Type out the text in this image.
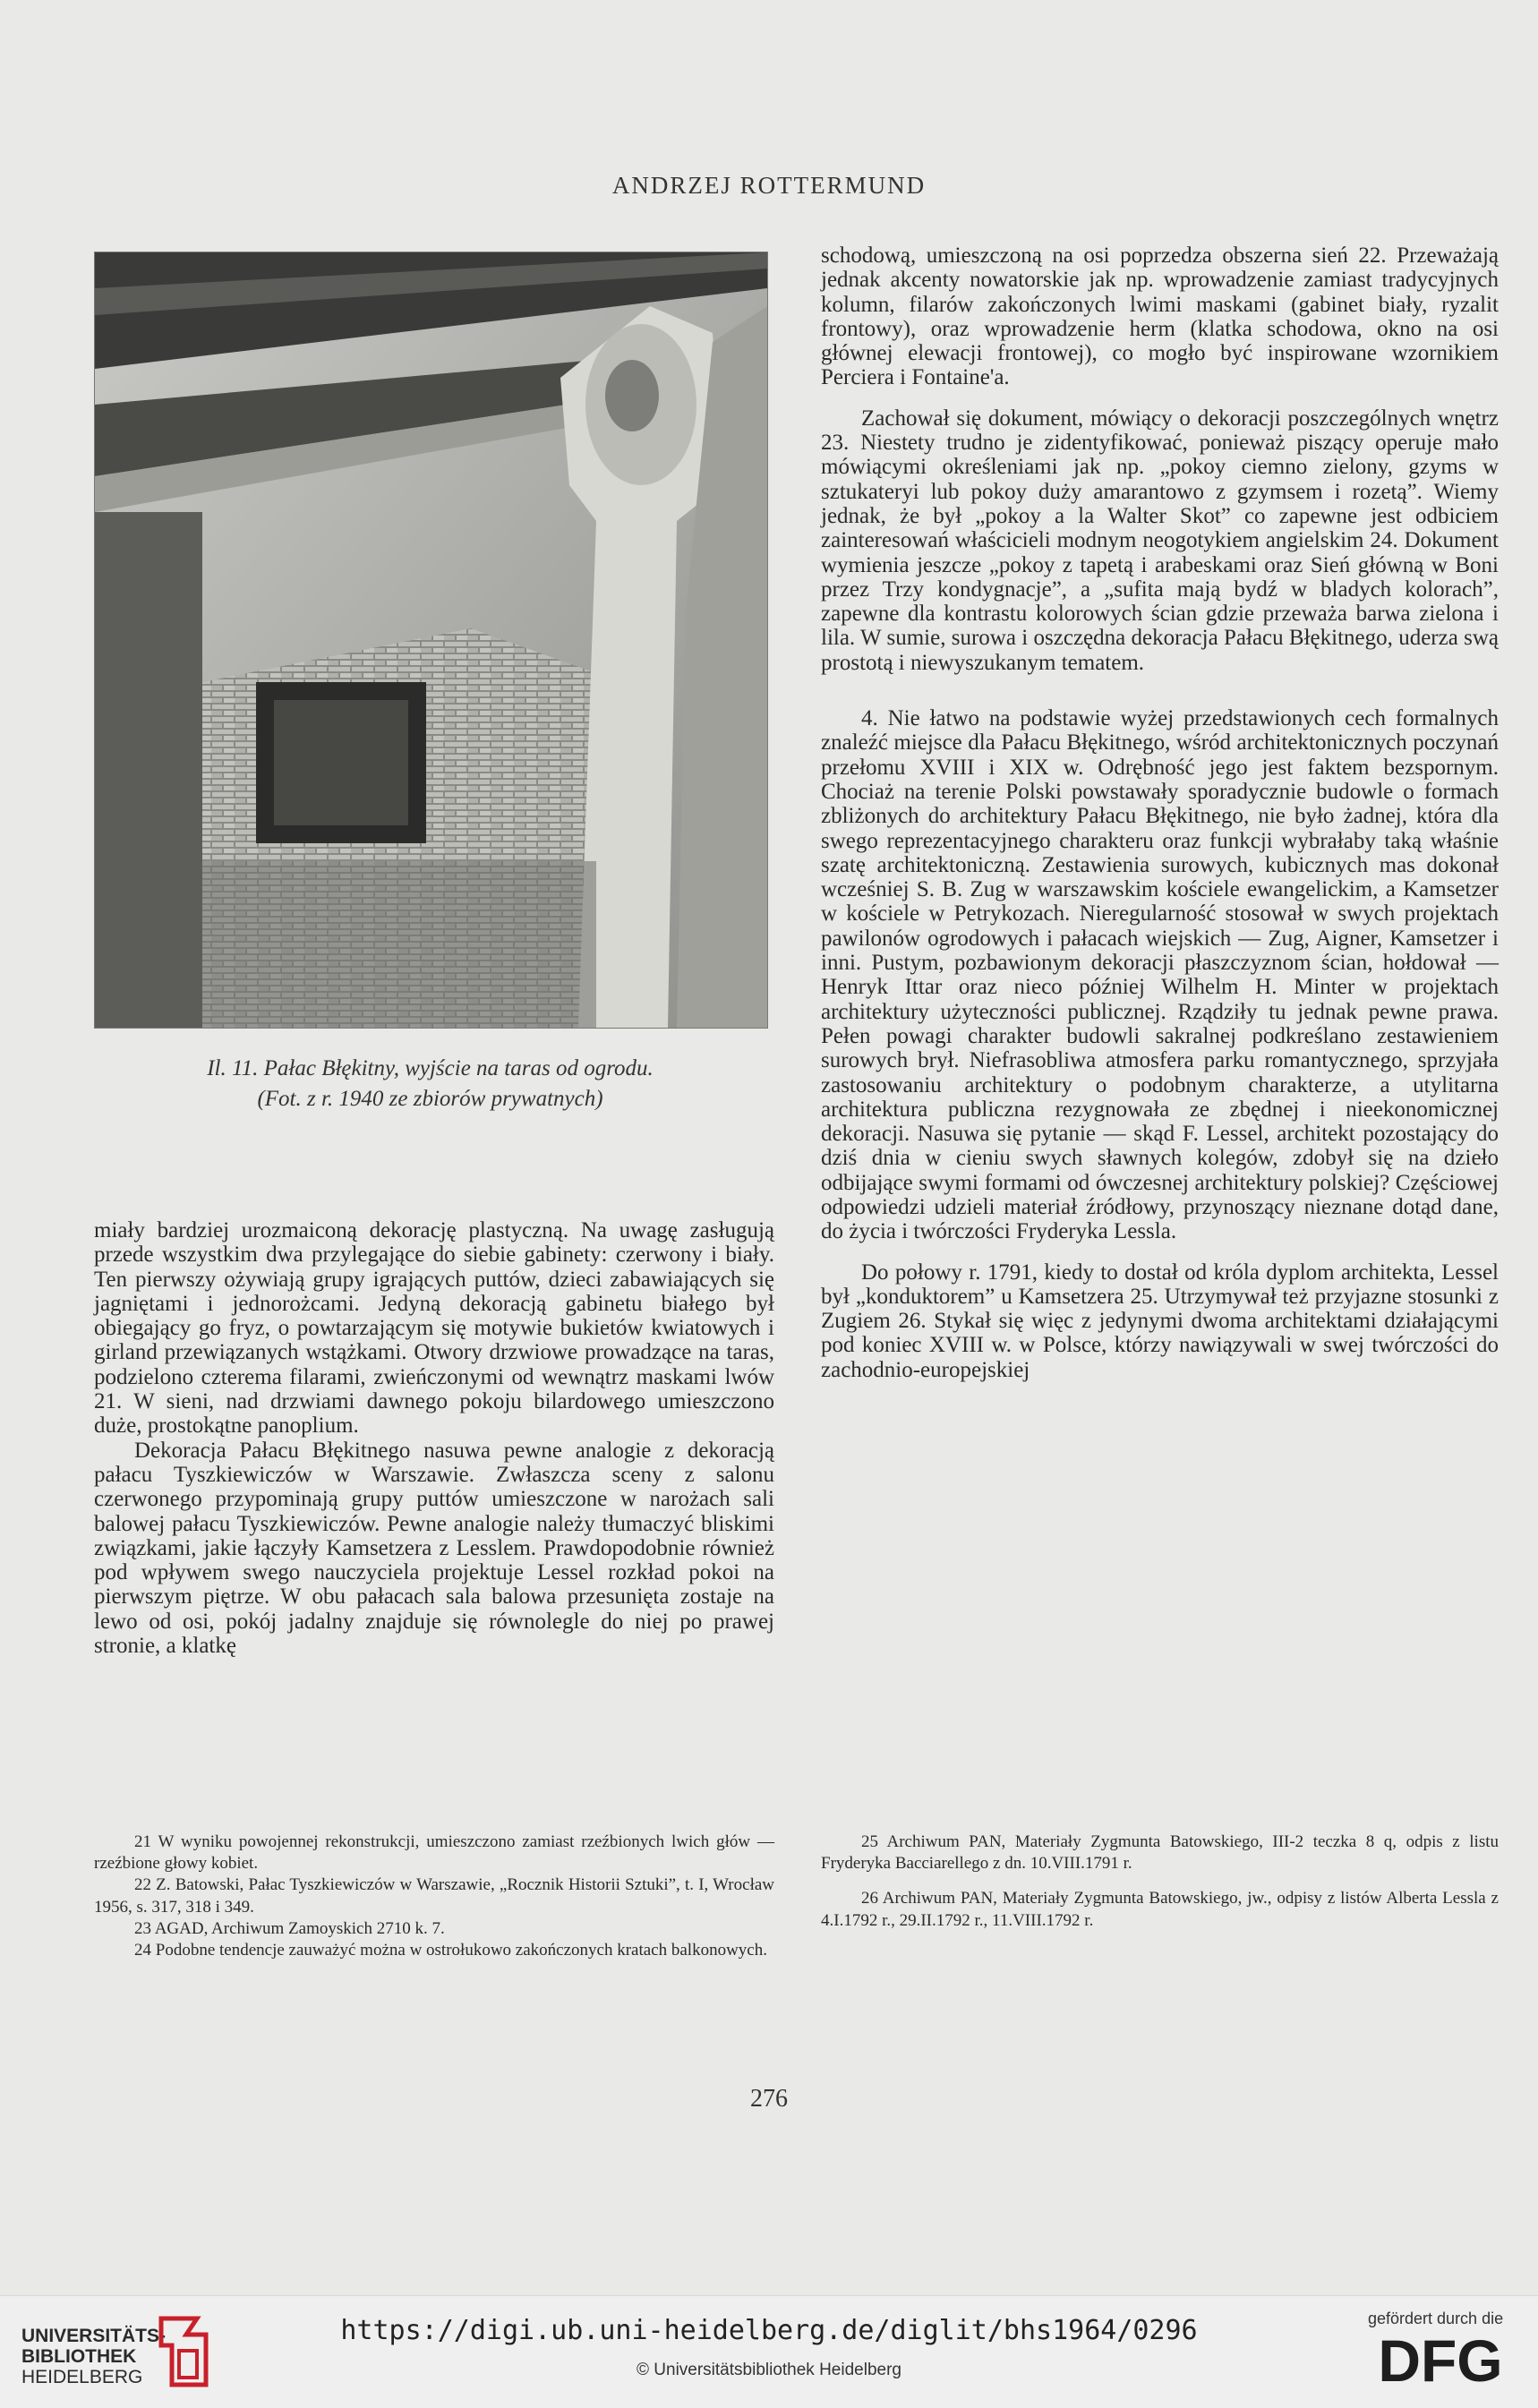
ANDRZEJ ROTTERMUND
Il. 11. Pałac Błękitny, wyjście na taras od ogrodu.
(Fot. z r. 1940 ze zbiorów prywatnych)

schodową, umieszczoną na osi poprzedza obszerna sień 22. Przeważają jednak akcenty nowatorskie jak np. wprowadzenie zamiast tradycyjnych kolumn, filarów zakończonych lwimi maskami (gabinet biały, ryzalit frontowy), oraz wprowadzenie herm (klatka schodowa, okno na osi głównej elewacji frontowej), co mogło być inspirowane wzornikiem Perciera i Fontaine'a.

Zachował się dokument, mówiący o dekoracji poszczególnych wnętrz 23. Niestety trudno je zidentyfikować, ponieważ piszący operuje mało mówiącymi określeniami jak np. „pokoy ciemno zielony, gzyms w sztukateryi lub pokoy duży amarantowo z gzymsem i rozetą”. Wiemy jednak, że był „pokoy a la Walter Skot” co zapewne jest odbiciem zainteresowań właścicieli modnym neogotykiem angielskim 24. Dokument wymienia jeszcze „pokoy z tapetą i arabeskami oraz Sień główną w Boni przez Trzy kondygnacje”, a „sufita mają bydź w bladych kolorach”, zapewne dla kontrastu kolorowych ścian gdzie przeważa barwa zielona i lila. W sumie, surowa i oszczędna dekoracja Pałacu Błękitnego, uderza swą prostotą i niewyszukanym tematem.

4. Nie łatwo na podstawie wyżej przedstawionych cech formalnych znaleźć miejsce dla Pałacu Błękitnego, wśród architektonicznych poczynań przełomu XVIII i XIX w. Odrębność jego jest faktem bezspornym. Chociaż na terenie Polski powstawały sporadycznie budowle o formach zbliżonych do architektury Pałacu Błękitnego, nie było żadnej, która dla swego reprezentacyjnego charakteru oraz funkcji wybrałaby taką właśnie szatę architektoniczną. Zestawienia surowych, kubicznych mas dokonał wcześniej S. B. Zug w warszawskim kościele ewangelickim, a Kamsetzer w kościele w Petrykozach. Nieregularność stosował w swych projektach pawilonów ogrodowych i pałacach wiejskich — Zug, Aigner, Kamsetzer i inni. Pustym, pozbawionym dekoracji płaszczyznom ścian, hołdował — Henryk Ittar oraz nieco później Wilhelm H. Minter w projektach architektury użyteczności publicznej. Rządziły tu jednak pewne prawa. Pełen powagi charakter budowli sakralnej podkreślano zestawieniem surowych brył. Niefrasobliwa atmosfera parku romantycznego, sprzyjała zastosowaniu architektury o podobnym charakterze, a utylitarna architektura publiczna rezygnowała ze zbędnej i nieekonomicznej dekoracji. Nasuwa się pytanie — skąd F. Lessel, architekt pozostający do dziś dnia w cieniu swych sławnych kolegów, zdobył się na dzieło odbijające swymi formami od ówczesnej architektury polskiej? Częściowej odpowiedzi udzieli materiał źródłowy, przynoszący nieznane dotąd dane, do życia i twórczości Fryderyka Lessla.

Do połowy r. 1791, kiedy to dostał od króla dyplom architekta, Lessel był „konduktorem” u Kamsetzera 25. Utrzymywał też przyjazne stosunki z Zugiem 26. Stykał się więc z jedynymi dwoma architektami działającymi pod koniec XVIII w. w Polsce, którzy nawiązywali w swej twórczości do zachodnio-europejskiej

miały bardziej urozmaiconą dekorację plastyczną. Na uwagę zasługują przede wszystkim dwa przylegające do siebie gabinety: czerwony i biały. Ten pierwszy ożywiają grupy igrających puttów, dzieci zabawiających się jagniętami i jednorożcami. Jedyną dekoracją gabinetu białego był obiegający go fryz, o powtarzającym się motywie bukietów kwiatowych i girland przewiązanych wstążkami. Otwory drzwiowe prowadzące na taras, podzielono czterema filarami, zwieńczonymi od wewnątrz maskami lwów 21. W sieni, nad drzwiami dawnego pokoju bilardowego umieszczono duże, prostokątne panoplium.

Dekoracja Pałacu Błękitnego nasuwa pewne analogie z dekoracją pałacu Tyszkiewiczów w Warszawie. Zwłaszcza sceny z salonu czerwonego przypominają grupy puttów umieszczone w narożach sali balowej pałacu Tyszkiewiczów. Pewne analogie należy tłumaczyć bliskimi związkami, jakie łączyły Kamsetzera z Lesslem. Prawdopodobnie również pod wpływem swego nauczyciela projektuje Lessel rozkład pokoi na pierwszym piętrze. W obu pałacach sala balowa przesunięta zostaje na lewo od osi, pokój jadalny znajduje się równolegle do niej po prawej stronie, a klatkę

21 W wyniku powojennej rekonstrukcji, umieszczono zamiast rzeźbionych lwich głów — rzeźbione głowy kobiet.

22 Z. Batowski, Pałac Tyszkiewiczów w Warszawie, „Rocznik Historii Sztuki”, t. I, Wrocław 1956, s. 317, 318 i 349.

23 AGAD, Archiwum Zamoyskich 2710 k. 7.

24 Podobne tendencje zauważyć można w ostrołukowo zakończonych kratach balkonowych.

25 Archiwum PAN, Materiały Zygmunta Batowskiego, III-2 teczka 8 q, odpis z listu Fryderyka Bacciarellego z dn. 10.VIII.1791 r.

26 Archiwum PAN, Materiały Zygmunta Batowskiego, jw., odpisy z listów Alberta Lessla z 4.I.1792 r., 29.II.1792 r., 11.VIII.1792 r.

276
UNIVERSITÄTS-
BIBLIOTHEK
HEIDELBERG
https://digi.ub.uni-heidelberg.de/diglit/bhs1964/0296
© Universitätsbibliothek Heidelberg
gefördert durch die
DFG
